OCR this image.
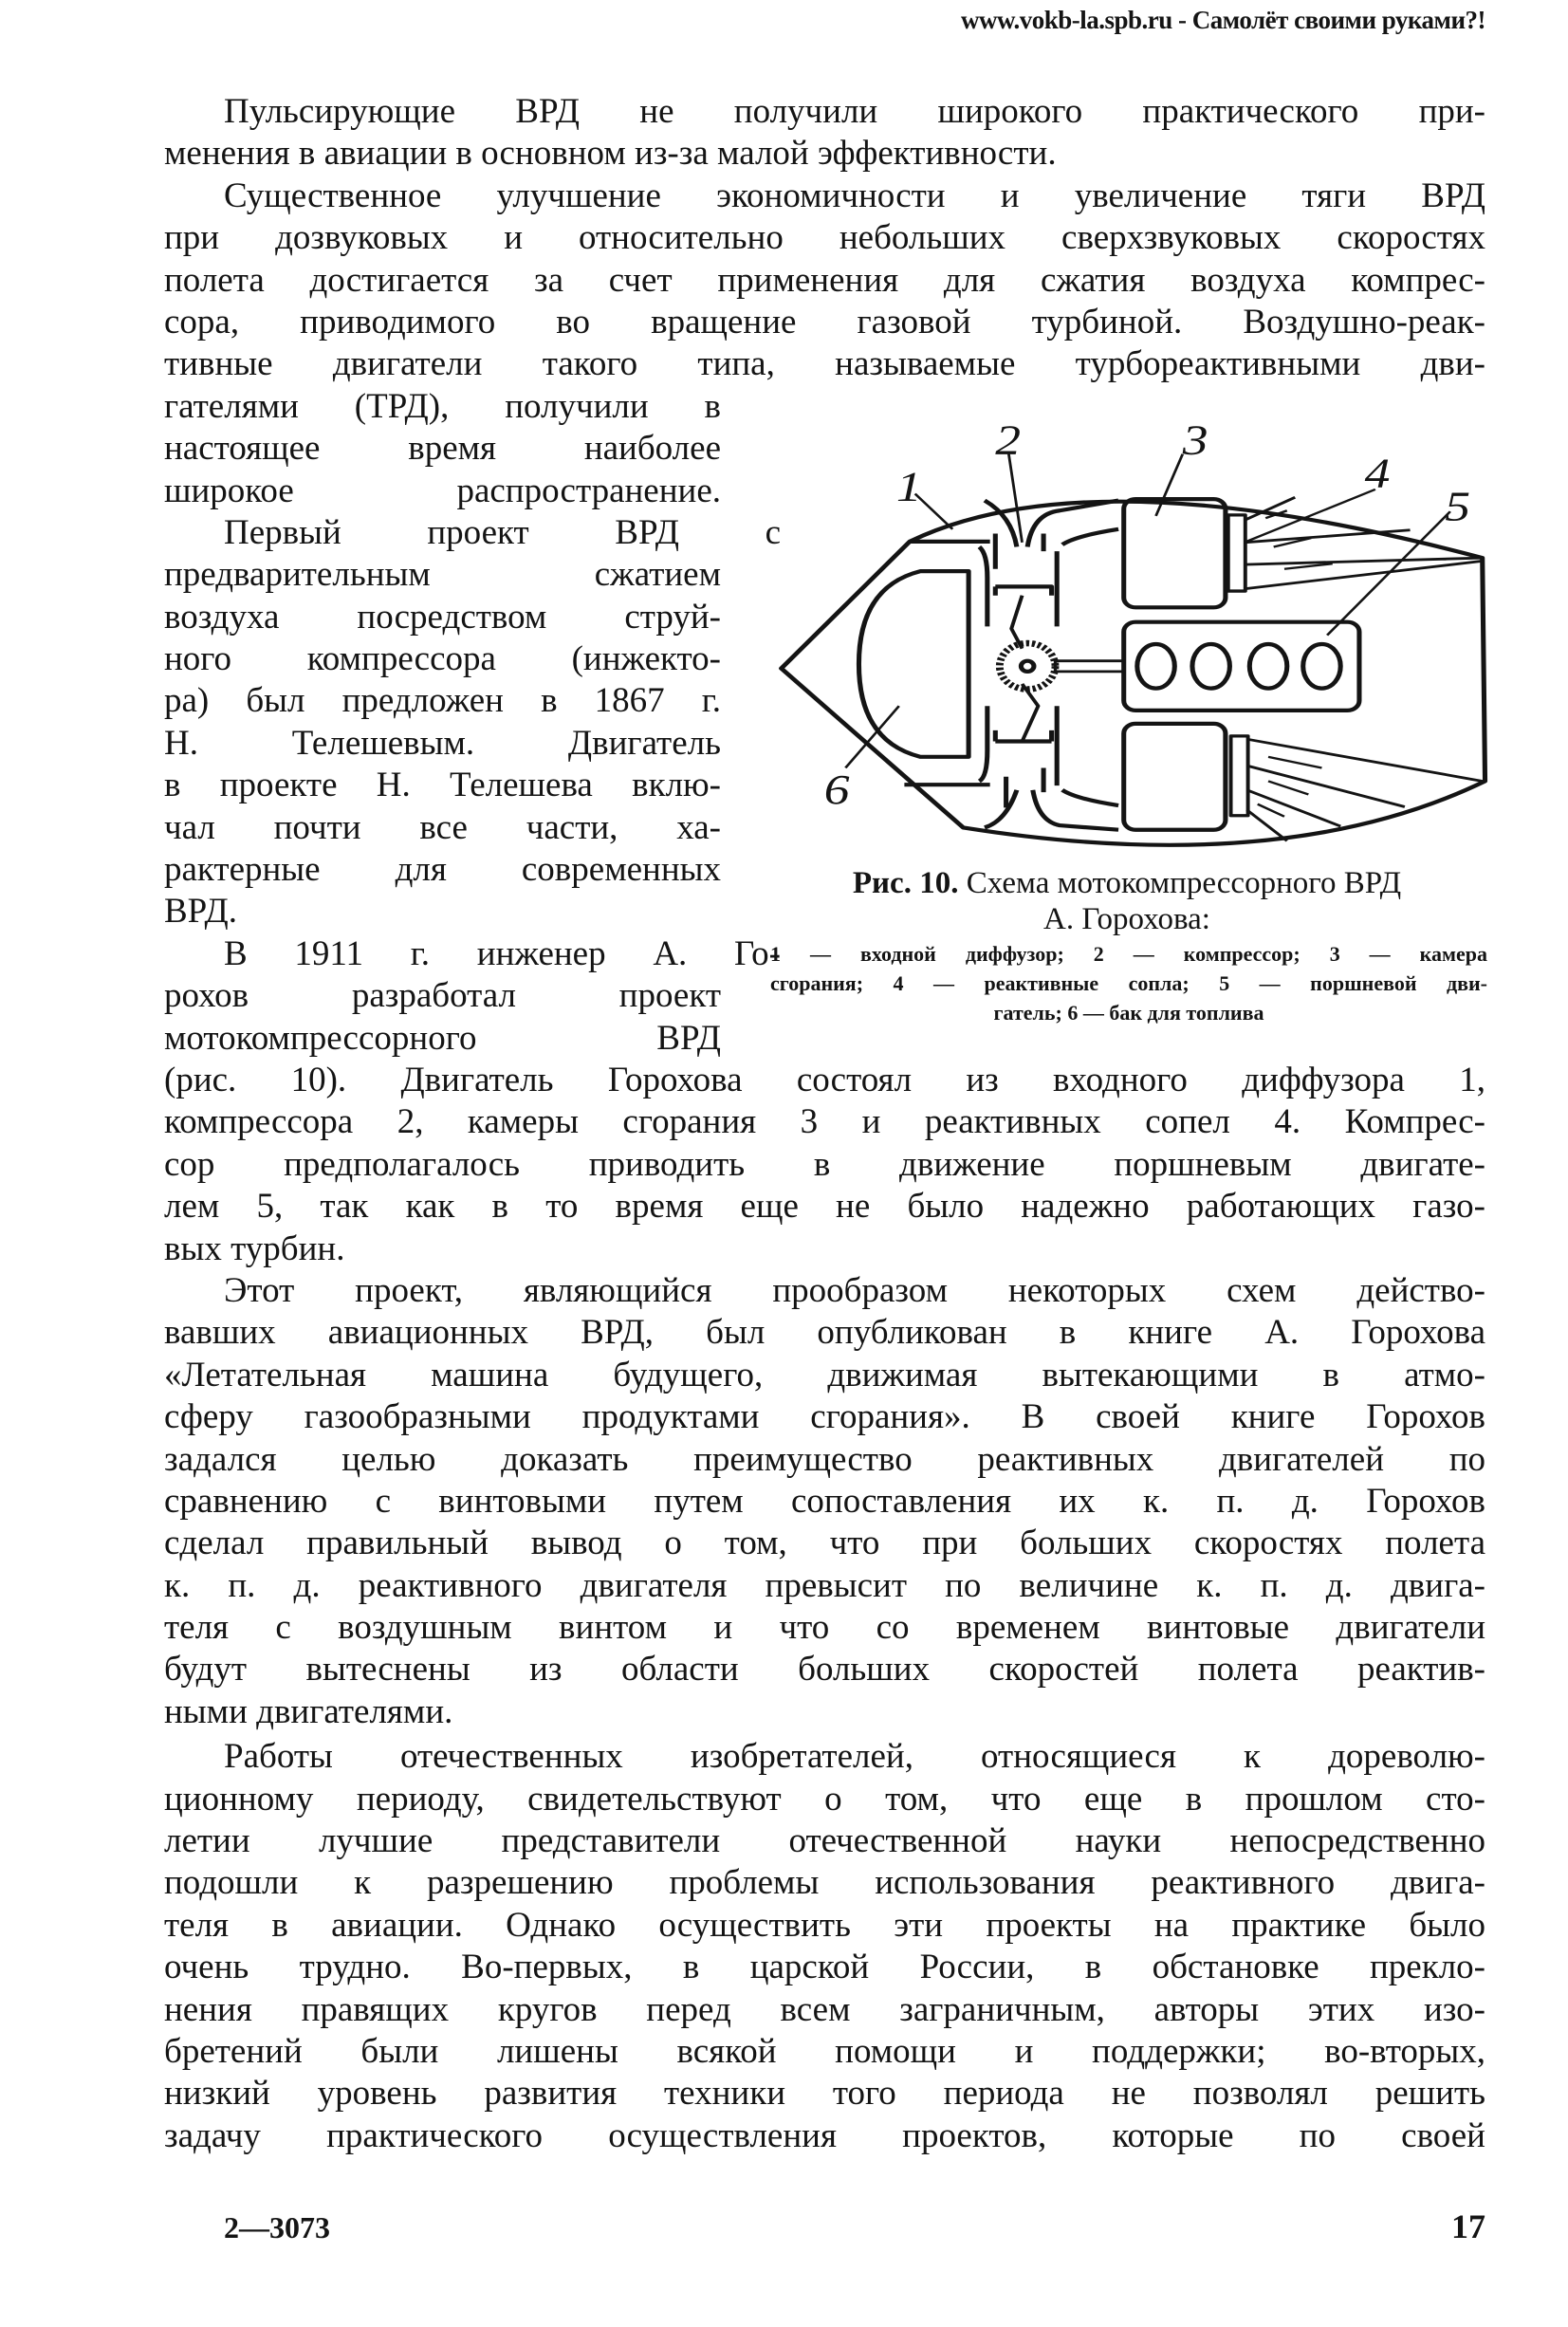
www.vokb-la.spb.ru - Самолёт своими руками?!
Пульсирующие ВРД не получили широкого практического при-
менения в авиации в основном из-за малой эффективности.
Существенное улучшение экономичности и увеличение тяги ВРД
при дозвуковых и относительно небольших сверхзвуковых скоростях
полета достигается за счет применения для сжатия воздуха компрес-
сора, приводимого во вращение газовой турбиной. Воздушно-реак-
тивные двигатели такого типа, называемые турбореактивными дви-
гателями (ТРД), получили в
настоящее время наиболее
широкое распространение.
Первый проект ВРД с
предварительным сжатием
воздуха посредством струй-
ного компрессора (инжекто-
ра) был предложен в 1867 г.
Н. Телешевым. Двигатель
в проекте Н. Телешева вклю-
чал почти все части, ха-
рактерные для современных
ВРД.
В 1911 г. инженер А. Го-
рохов разработал проект
мотокомпрессорного ВРД
(рис. 10). Двигатель Горохова состоял из входного диффузора 1,
компрессора 2, камеры сгорания 3 и реактивных сопел 4. Компрес-
сор предполагалось приводить в движение поршневым двигате-
лем 5, так как в то время еще не было надежно работающих газо-
вых турбин.
Этот проект, являющийся прообразом некоторых схем действо-
вавших авиационных ВРД, был опубликован в книге А. Горохова
«Летательная машина будущего, движимая вытекающими в атмо-
сферу газообразными продуктами сгорания». В своей книге Горохов
задался целью доказать преимущество реактивных двигателей по
сравнению с винтовыми путем сопоставления их к. п. д. Горохов
сделал правильный вывод о том, что при больших скоростях полета
к. п. д. реактивного двигателя превысит по величине к. п. д. двига-
теля с воздушным винтом и что со временем винтовые двигатели
будут вытеснены из области больших скоростей полета реактив-
ными двигателями.
Работы отечественных изобретателей, относящиеся к дореволю-
ционному периоду, свидетельствуют о том, что еще в прошлом сто-
летии лучшие представители отечественной науки непосредственно
подошли к разрешению проблемы использования реактивного двига-
теля в авиации. Однако осуществить эти проекты на практике было
очень трудно. Во-первых, в царской России, в обстановке прекло-
нения правящих кругов перед всем заграничным, авторы этих изо-
бретений были лишены всякой помощи и поддержки; во-вторых,
низкий уровень развития техники того периода не позволял решить
задачу практического осуществления проектов, которые по своей
1
2 3
4
5
6
Рис. 10. Схема мотокомпрессорного ВРД
А. Горохова:
1 — входной диффузор; 2 — компрессор; 3 — камера
сгорания; 4 — реактивные сопла; 5 — поршневой дви-
гатель; 6 — бак для топлива
2—3073	17
